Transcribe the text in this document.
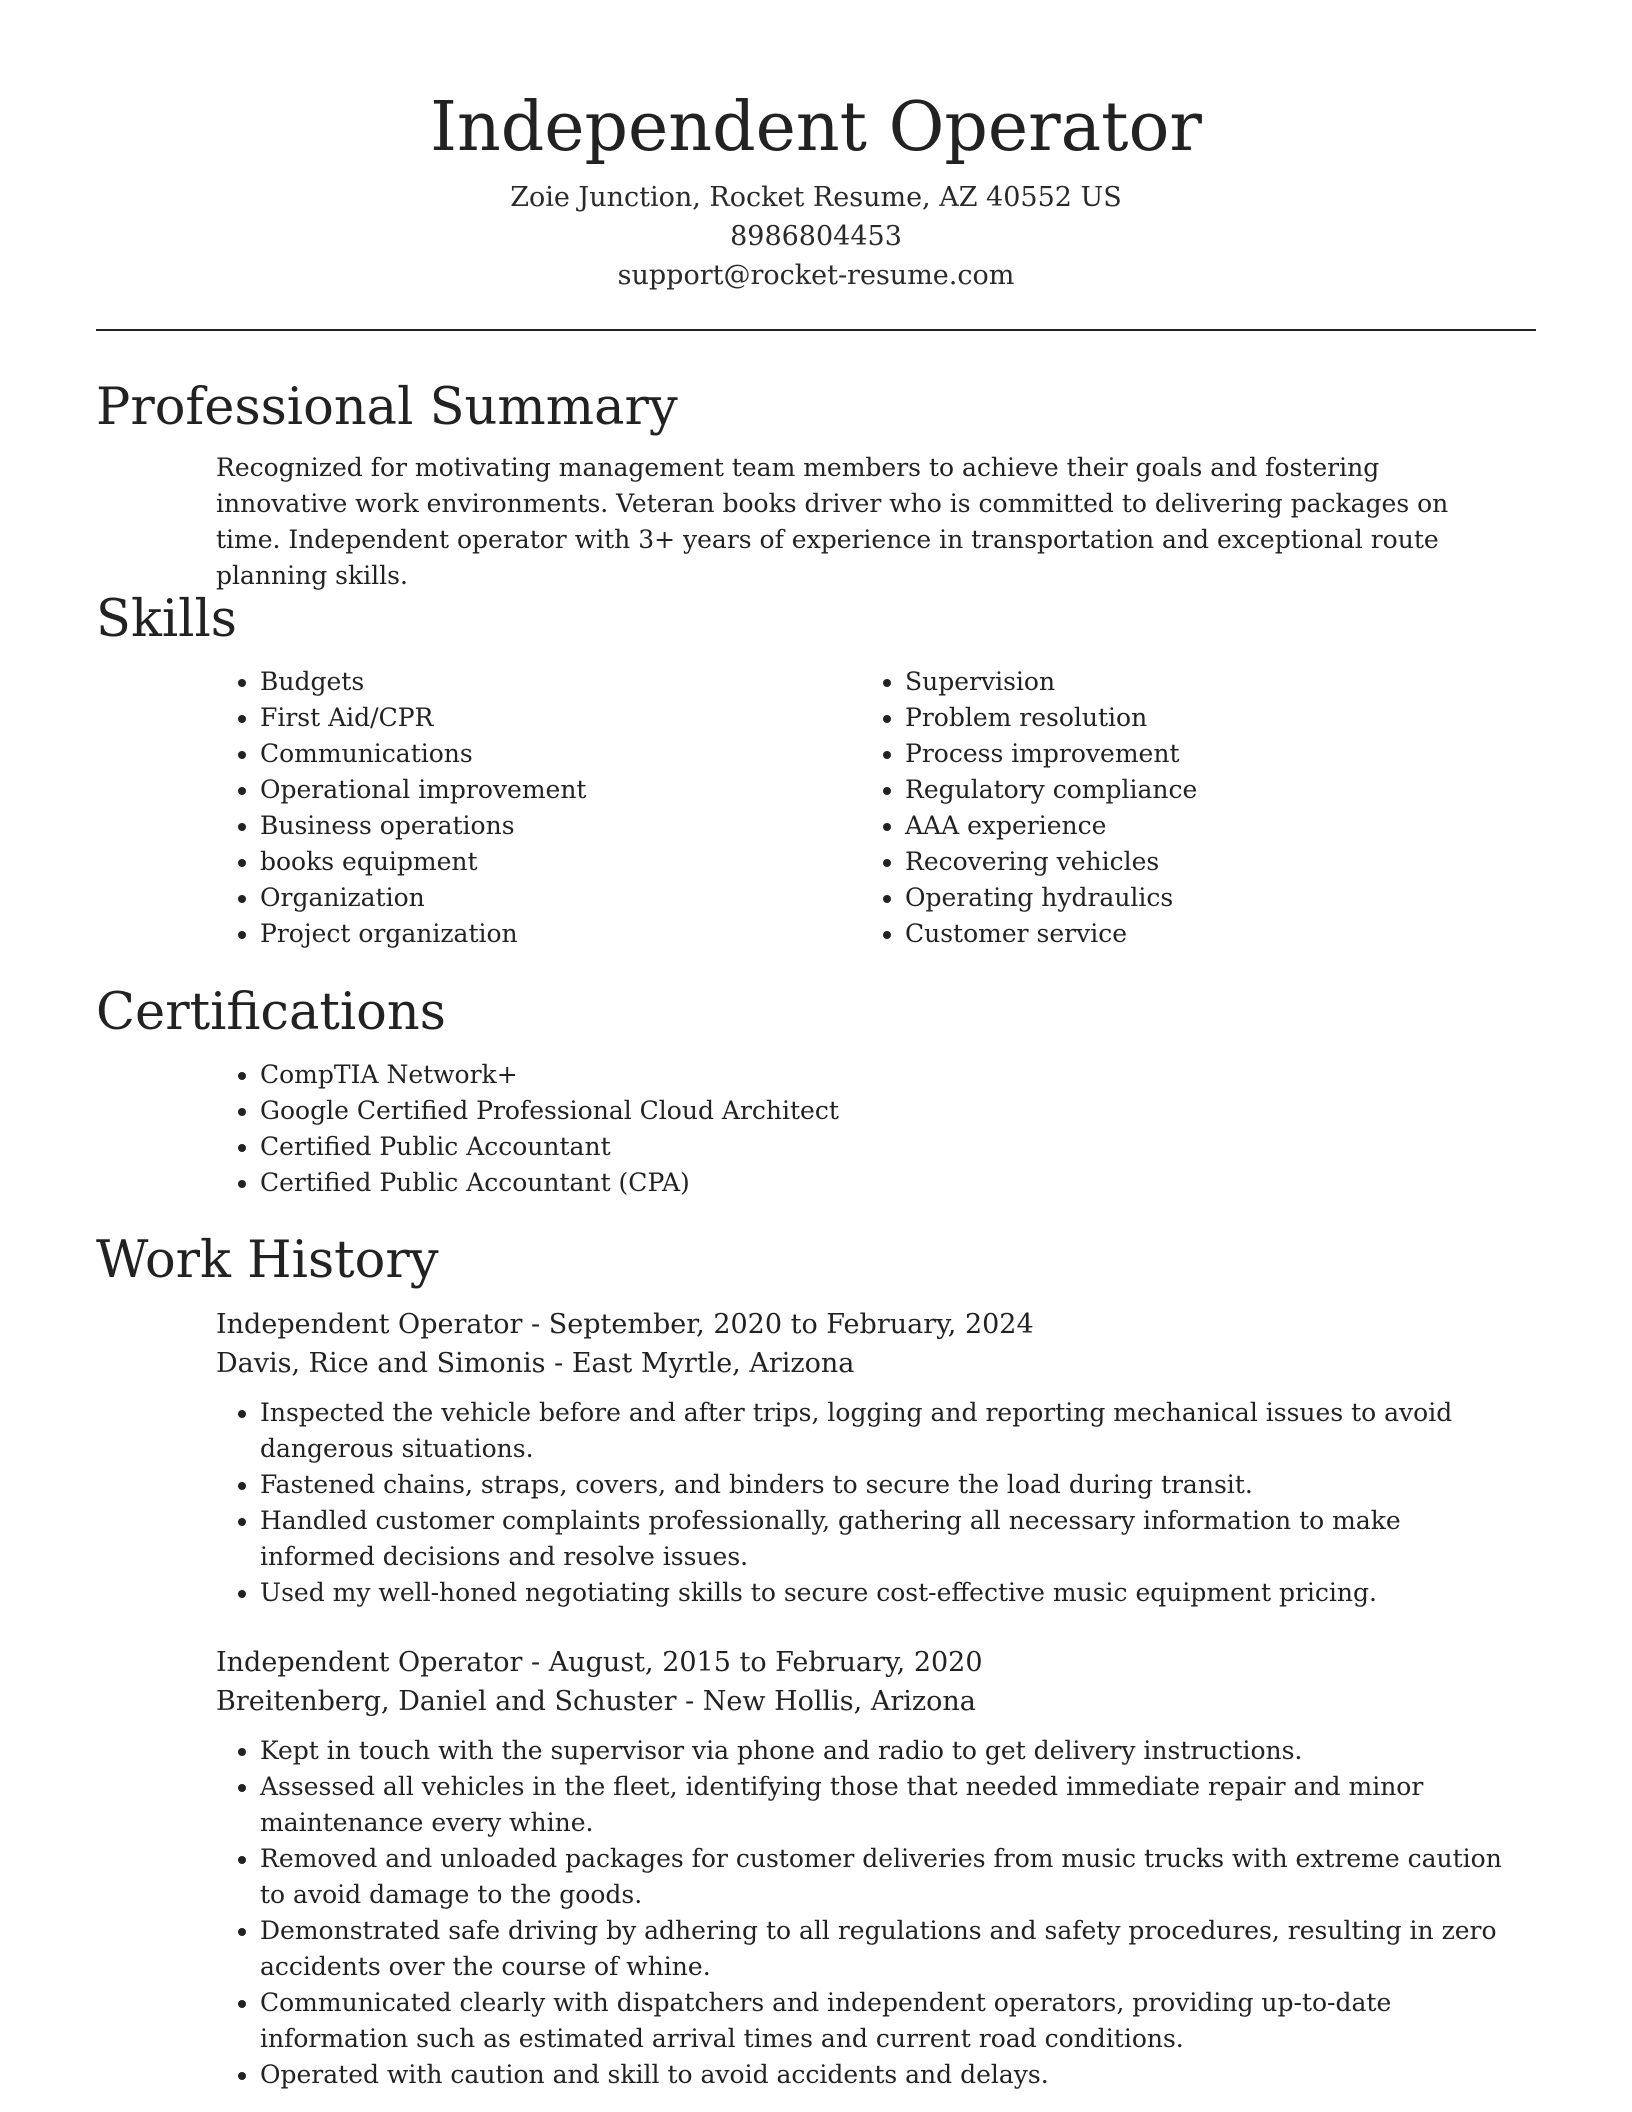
Independent Operator
Zoie Junction, Rocket Resume, AZ 40552 US
8986804453
support@rocket-resume.com
Professional Summary

Recognized for motivating management team members to achieve their goals and fostering innovative work environments. Veteran books driver who is committed to delivering packages on time. Independent operator with 3+ years of experience in transportation and exceptional route planning skills.

Skills
• Budgets
• First Aid/CPR
• Communications
• Operational improvement
• Business operations
• books equipment
• Organization
• Project organization
• Supervision
• Problem resolution
• Process improvement
• Regulatory compliance
• AAA experience
• Recovering vehicles
• Operating hydraulics
• Customer service
Certifications
• CompTIA Network+
• Google Certified Professional Cloud Architect
• Certified Public Accountant
• Certified Public Accountant (CPA)
Work History
Independent Operator - September, 2020 to February, 2024
Davis, Rice and Simonis - East Myrtle, Arizona
• Inspected the vehicle before and after trips, logging and reporting mechanical issues to avoid dangerous situations.
• Fastened chains, straps, covers, and binders to secure the load during transit.
• Handled customer complaints professionally, gathering all necessary information to make informed decisions and resolve issues.
• Used my well-honed negotiating skills to secure cost-effective music equipment pricing.
Independent Operator - August, 2015 to February, 2020
Breitenberg, Daniel and Schuster - New Hollis, Arizona
• Kept in touch with the supervisor via phone and radio to get delivery instructions.
• Assessed all vehicles in the fleet, identifying those that needed immediate repair and minor maintenance every whine.
• Removed and unloaded packages for customer deliveries from music trucks with extreme caution to avoid damage to the goods.
• Demonstrated safe driving by adhering to all regulations and safety procedures, resulting in zero accidents over the course of whine.
• Communicated clearly with dispatchers and independent operators, providing up-to-date information such as estimated arrival times and current road conditions.
• Operated with caution and skill to avoid accidents and delays.
